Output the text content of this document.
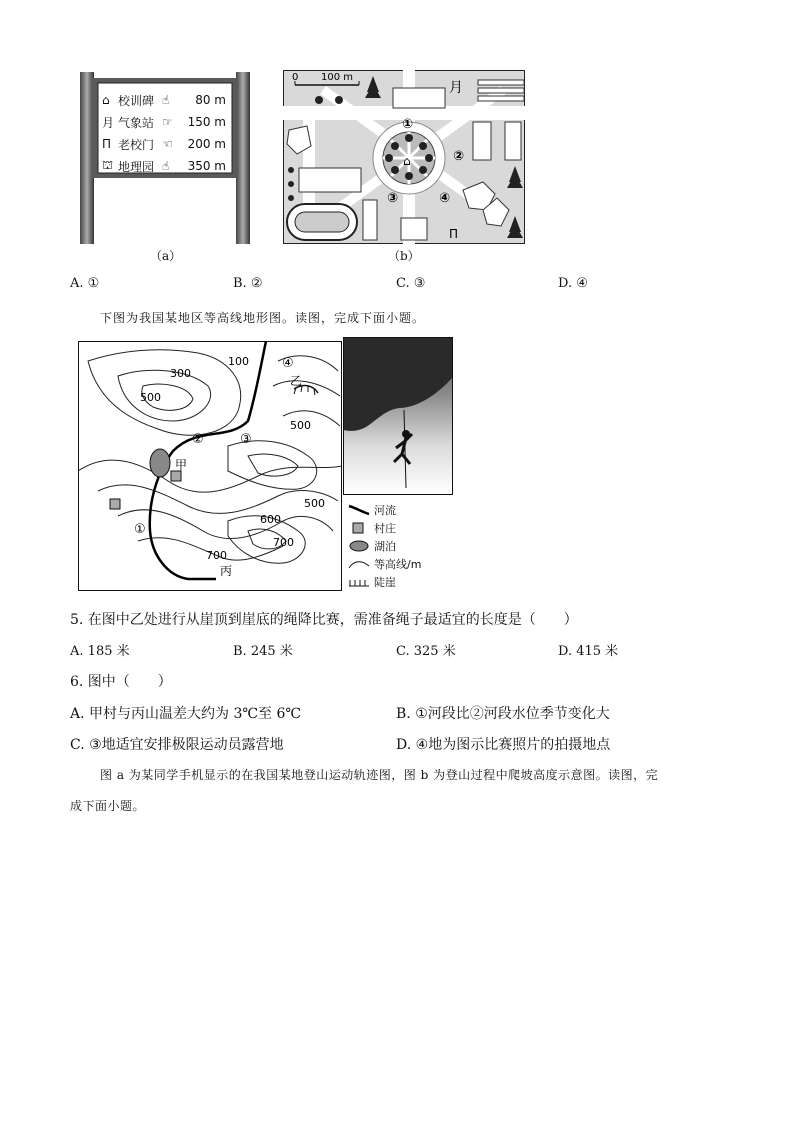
⌂ 校训碑 ☝	80 m
月 气象站 ☞	150 m
Π 老校门 ☜	200 m
⛫ 地理园 ☝	350 m
（a）
0 100 m
月
Π
⌂
①
②
③	④
（b）
A. ①	B. ②	C. ③	D. ④
下图为我国某地区等高线地形图。读图，完成下面小题。
100
300
500
500
600
700
500
700
甲
乙
丙
①
②	③
④
河流
村庄
湖泊
等高线/m
陡崖
5. 在图中乙处进行从崖顶到崖底的绳降比赛，需准备绳子最适宜的长度是（　　）
A. 185 米	B. 245 米	C. 325 米	D. 415 米
6. 图中（　　）
A. 甲村与丙山温差大约为 3℃至 6℃	B. ①河段比②河段水位季节变化大
C. ③地适宜安排极限运动员露营地	D. ④地为图示比赛照片的拍摄地点
图 a 为某同学手机显示的在我国某地登山运动轨迹图，图 b 为登山过程中爬坡高度示意图。读图，完
成下面小题。
